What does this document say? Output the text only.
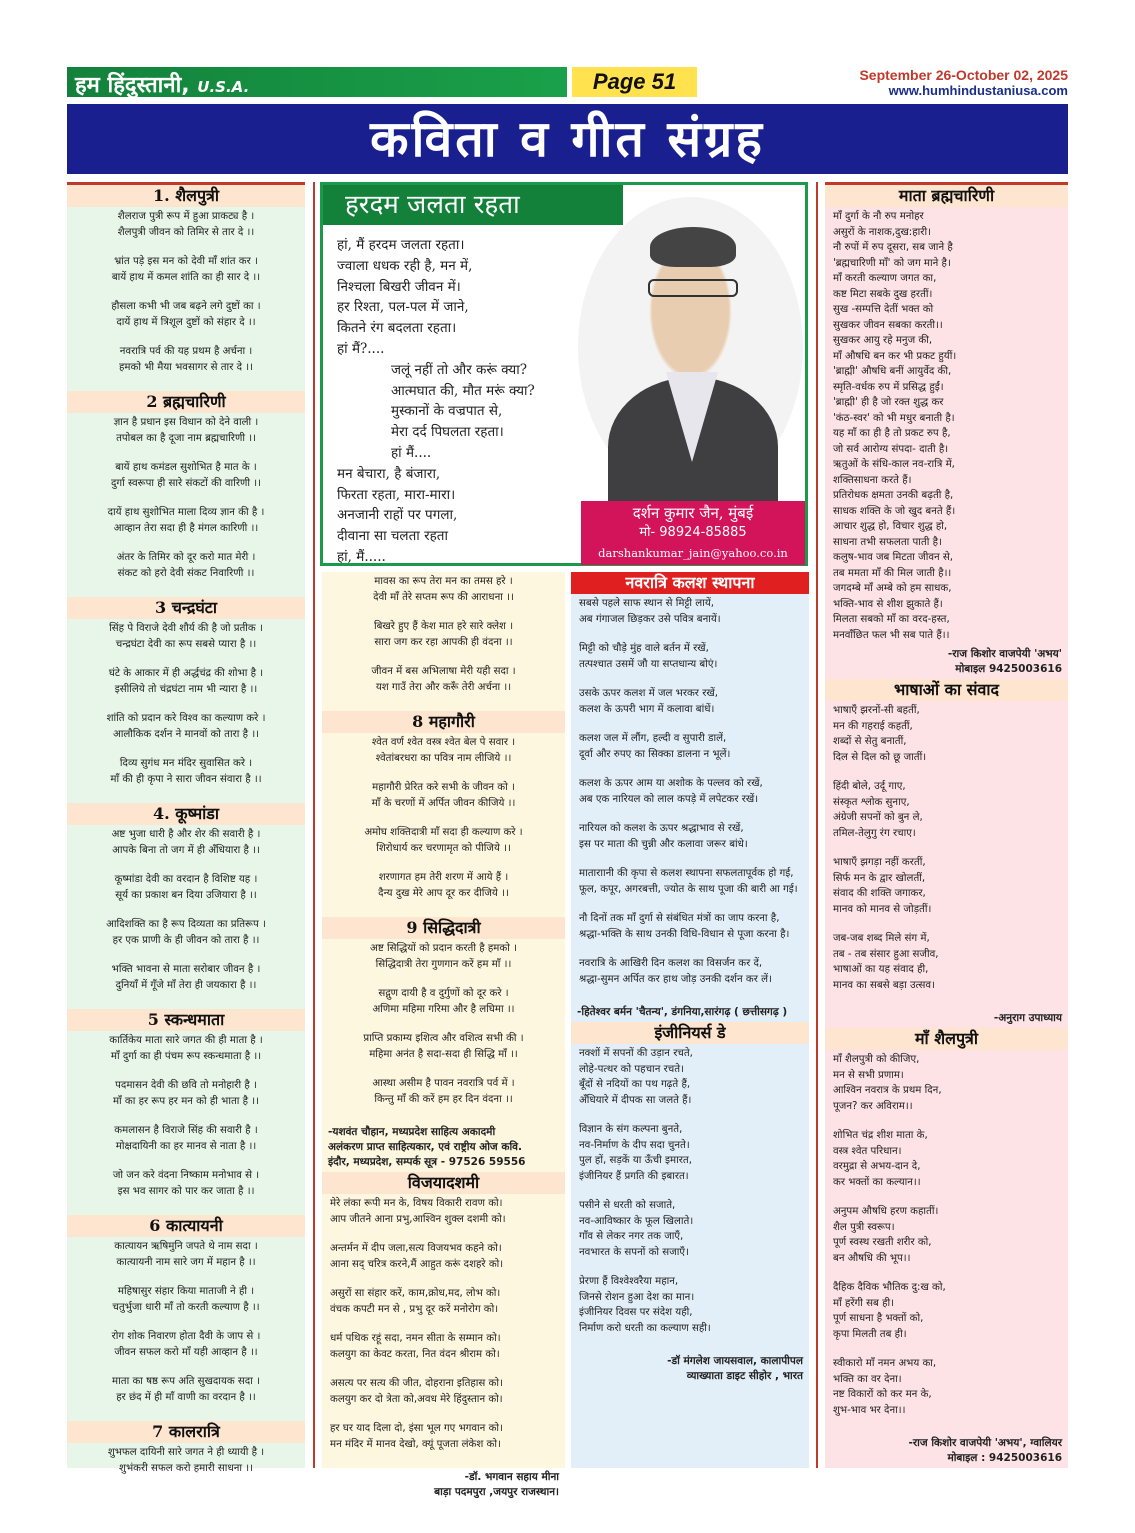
हम हिंदुस्तानी, U.S.A.	Page 51	September 26-October 02, 2025
www.humhindustaniusa.com
कविता व गीत संग्रह
1. शैलपुत्री
शैलराज पुत्री रूप में हुआ प्राकट्य है ।
शैलपुत्री जीवन को तिमिर से तार दे ।।
भ्रांत पड़े इस मन को देवी माँ शांत कर ।
बायें हाथ में कमल शांति का ही सार दे ।।
हौसला कभी भी जब बढ़ने लगे दुष्टों का ।
दायें हाथ में त्रिशूल दुष्टों को संहार दे ।।
नवरात्रि पर्व की यह प्रथम है अर्चना ।
हमको भी मैया भवसागर से तार दे ।।
2 ब्रह्मचारिणी
ज्ञान है प्रधान इस विधान को देने वाली ।
तपोबल का है दूजा नाम ब्रह्मचारिणी ।।
बायें हाथ कमंडल सुशोभित है मात के ।
दुर्गा स्वरूपा ही सारे संकटों की वारिणी ।।
दायें हाथ सुशोभित माला दिव्य ज्ञान की है ।
आव्हान तेरा सदा ही है मंगल कारिणी ।।
अंतर के तिमिर को दूर करो मात मेरी ।
संकट को हरो देवी संकट निवारिणी ।।
3 चन्द्रघंटा
सिंह पे विराजे देवी शौर्य की है जो प्रतीक ।
चन्द्रघंटा देवी का रूप सबसे प्यारा है ।।
घंटे के आकार में ही अर्द्धचंद्र की शोभा है ।
इसीलिये तो चंद्रघंटा नाम भी न्यारा है ।।
शांति को प्रदान करे विश्व का कल्याण करे ।
आलौकिक दर्शन ने मानवों को तारा है ।।
दिव्य सुगंध मन मंदिर सुवासित करे ।
माँ की ही कृपा ने सारा जीवन संवारा है ।।
4. कूष्मांडा
अष्ट भुजा धारी है और शेर की सवारी है ।
आपके बिना तो जग में ही अँधियारा है ।।
कूष्मांडा देवी का वरदान है विशिष्ट यह ।
सूर्य का प्रकाश बन दिया उजियारा है ।।
आदिशक्ति का है रूप दिव्यता का प्रतिरूप ।
हर एक प्राणी के ही जीवन को तारा है ।।
भक्ति भावना से माता सरोबार जीवन है ।
दुनियाँ में गूँजे माँ तेरा ही जयकारा है ।।
5 स्कन्धमाता
कार्तिकेय माता सारे जगत की ही माता है ।
माँ दुर्गा का ही पंचम रूप स्कन्धमाता है ।।
पदमासन देवी की छवि तो मनोहारी है ।
माँ का हर रूप हर मन को ही भाता है ।।
कमलासन है विराजे सिंह की सवारी है ।
मोक्षदायिनी का हर मानव से नाता है ।।
जो जन करे वंदना निष्काम मनोभाव से ।
इस भव सागर को पार कर जाता है ।।
6 कात्यायनी
कात्यायन ऋषिमुनि जपते थे नाम सदा ।
कात्यायनी नाम सारे जग में महान है ।।
महिषासुर संहार किया माताजी ने ही ।
चतुर्भुजा धारी माँ तो करती कल्याण है ।।
रोग शोक निवारण होता दैवी के जाप से ।
जीवन सफल करो माँ यही आव्हान है ।।
माता का षष्ठ रूप अति सुखदायक सदा ।
हर छंद में ही माँ वाणी का वरदान है ।।
7 कालरात्रि
शुभफल दायिनी सारे जगत ने ही ध्यायी है ।
शुभंकरी सफल करो हमारी साधना ।।
हरदम जलता रहता
हां, मैं हरदम जलता रहता।
ज्वाला धधक रही है, मन में,
निश्चला बिखरी जीवन में।
हर रिश्ता, पल-पल में जाने,
कितने रंग बदलता रहता।
हां मैं?....
जलूं नहीं तो और करूं क्या?
आत्मघात की, मौत मरूं क्या?
मुस्कानों के वज्रपात से,
मेरा दर्द पिघलता रहता।
हां मैं....
मन बेचारा, है बंजारा,
फिरता रहता, मारा-मारा।
अनजानी राहों पर पगला,
दीवाना सा चलता रहता
हां, मैं.....
दर्शन कुमार जैन, मुंबई
मो- 98924-85885
darshankumar_jain@yahoo.co.in
मावस का रूप तेरा मन का तमस हरे ।
देवी माँ तेरे सप्तम रूप की आराधना ।।
बिखरे हुए हैं केश मात हरे सारे क्लेश ।
सारा जग कर रहा आपकी ही वंदना ।।
जीवन में बस अभिलाषा मेरी यही सदा ।
यश गाउँ तेरा और करूँ तेरी अर्चना ।।
8 महागौरी
श्वेत वर्ण श्वेत वस्त्र श्वेत बेल पे सवार ।
श्वेतांबरधरा का पवित्र नाम लीजिये ।।
महागौरी प्रेरित करे सभी के जीवन को ।
माँ के चरणों में अर्पित जीवन कीजिये ।।
अमोघ शक्तिदात्री माँ सदा ही कल्याण करे ।
शिरोधार्य कर चरणामृत को पीजिये ।।
शरणागत हम तेरी शरण में आये हैं ।
दैन्य दुख मेरे आप दूर कर दीजिये ।।
9 सिद्धिदात्री
अष्ट सिद्धियों को प्रदान करती है हमको ।
सिद्धिदात्री तेरा गुणगान करें हम माँ ।।
सद्गुण दायी है व दुर्गुणों को दूर करे ।
अणिमा महिमा गरिमा और है लघिमा ।।
प्राप्ति प्रकाम्य इशित्व और वशित्व सभी की ।
महिमा अनंत है सदा-सदा ही सिद्धि माँ ।।
आस्था असीम है पावन नवरात्रि पर्व में ।
किन्तु माँ की करें हम हर दिन वंदना ।।
-यशवंत चौहान, मध्यप्रदेश साहित्य अकादमी
अलंकरण प्राप्त साहित्यकार, एवं राष्ट्रीय ओज कवि.
इंदौर, मध्यप्रदेश, सम्पर्क सूत्र - 97526 59556
विजयादशमी
मेरे लंका रूपी मन के, विषय विकारी रावण को।
आप जीतने आना प्रभु,आश्विन शुक्ल दशमी को।
अन्तर्मन में दीप जला,सत्य विजयभव कहने को।
आना सद् चरित्र करने,मैं आहुत करूं दशहरे को।
असुरों सा संहार करें, काम,क्रोध,मद, लोभ को।
वंचक कपटी मन से , प्रभु दूर करें मनोरोग को।
धर्म पथिक रहूं सदा, नमन सीता के सम्मान को।
कलयुग का केवट करता, नित वंदन श्रीराम को।
असत्य पर सत्य की जीत, दोहराना इतिहास को।
कलयुग कर दो त्रेता को,अवध मेरे हिंदुस्तान को।
हर घर याद दिला दो, इंसा भूल गए भगवान को।
मन मंदिर में मानव देखो, क्यूं पूजता लंकेश को।
-डॉ. भगवान सहाय मीना
बाड़ा पदमपुरा ,जयपुर राजस्थान।
नवरात्रि कलश स्थापना
सबसे पहले साफ स्थान से मिट्टी लायें,
अब गंगाजल छिड़कर उसे पवित्र बनायें।
मिट्टी को चौड़े मुंह वाले बर्तन में रखें,
तत्पश्चात उसमें जौ या सप्तधान्य बोएं।
उसके ऊपर कलश में जल भरकर रखें,
कलश के ऊपरी भाग में कलावा बांधें।
कलश जल में लौंग, हल्दी व सुपारी डालें,
दूर्वा और रुपए का सिक्का डालना न भूलें।
कलश के ऊपर आम या अशोक के पल्लव को रखें,
अब एक नारियल को लाल कपड़े में लपेटकर रखें।
नारियल को कलश के ऊपर श्रद्धाभाव से रखें,
इस पर माता की चुन्नी और कलावा जरूर बांधे।
माताराानी की कृपा से कलश स्थापना सफलतापूर्वक हो गई,
फूल, कपूर, अगरबत्ती, ज्योत के साथ पूजा की बारी आ गई।
नौ दिनों तक माँ दुर्गा से संबंधित मंत्रों का जाप करना है,
श्रद्धा-भक्ति के साथ उनकी विधि-विधान से पूजा करना है।
नवरात्रि के आखिरी दिन कलश का विसर्जन कर दें,
श्रद्धा-सुमन अर्पित कर हाथ जोड़ उनकी दर्शन कर लें।
-हितेश्वर बर्मन 'चैतन्य', डंगनिया,सारंगढ़ ( छत्तीसगढ़ )
इंजीनियर्स डे
नक्शों में सपनों की उड़ान रचते,
लोहे-पत्थर को पहचान रचते।
बूँदों से नदियों का पथ गढ़ते हैं,
अँधियारे में दीपक सा जलते हैं।
विज्ञान के संग कल्पना बुनते,
नव-निर्माण के दीप सदा चुनते।
पुल हों, सड़कें या ऊँची इमारत,
इंजीनियर हैं प्रगति की इबारत।
पसीने से धरती को सजाते,
नव-आविष्कार के फूल खिलाते।
गाँव से लेकर नगर तक जाएँ,
नवभारत के सपनों को सजाएँ।
प्रेरणा हैं विश्वेश्वरैया महान,
जिनसे रोशन हुआ देश का मान।
इंजीनियर दिवस पर संदेश यही,
निर्माण करो धरती का कल्याण सही।
-डॉ मंगलेश जायसवाल, कालापीपल
व्याख्याता डाइट सीहोर , भारत
माता ब्रह्मचारिणी
माँ दुर्गा के नौ रुप मनोहर
असुरों के नाशक,दुख:हारी।
नौ रुपों में रुप दूसरा, सब जाने है
'ब्रह्मचारिणी माँ' को जग माने है।
माँ करती कल्याण जगत का,
कष्ट मिटा सबके दुख हरतीं।
सुख -सम्पत्ति देतीं भक्त को
सुखकर जीवन सबका करती।।
सुखकर आयु रहे मनुज की,
माँ औषधि बन कर भी प्रकट हुयीं।
'ब्राह्मी' औषधि बनीं आयुर्वेद की,
स्मृति-वर्धक रुप में प्रसिद्ध हुईं।
'ब्राह्मी' ही है जो रक्त शुद्ध कर
'कंठ-स्वर' को भी मधुर बनाती है।
यह माँ का ही है तो प्रकट रुप है,
जो सर्व आरोग्य संपदा- दाती है।
ऋतुओं के संधि-काल नव-रात्रि में,
शक्तिसाधना करते हैं।
प्रतिरोधक क्षमता उनकी बढ़ती है,
साधक शक्ति के जो खुद बनते हैं।
आचार शुद्ध हो, विचार शुद्ध हो,
साधना तभी सफलता पाती है।
कलुष-भाव जब मिटता जीवन से,
तब ममता माँ की मिल जाती है।।
जगदम्बे माँ अम्बे को हम साधक,
भक्ति-भाव से शीश झुकाते हैं।
मिलता सबको माँ का वरद-हस्त,
मनवाँछित फल भी सब पाते हैं।।
-राज किशोर वाजपेयी 'अभय'
मोबाइल 9425003616
भाषाओं का संवाद
भाषाएँ झरनों-सी बहतीं,
मन की गहराई कहतीं,
शब्दों से सेतु बनातीं,
दिल से दिल को छू जातीं।
हिंदी बोले, उर्दू गाए,
संस्कृत श्लोक सुनाए,
अंग्रेजी सपनों को बुन ले,
तमिल-तेलुगु रंग रचाए।
भाषाएँ झगड़ा नहीं करतीं,
सिर्फ मन के द्वार खोलतीं,
संवाद की शक्ति जगाकर,
मानव को मानव से जोड़तीं।
जब-जब शब्द मिले संग में,
तब - तब संसार हुआ सजीव,
भाषाओं का यह संवाद ही,
मानव का सबसे बड़ा उत्सव।
-अनुराग उपाध्याय
माँ शैलपुत्री
माँ शैलपुत्री को कीजिए,
मन से सभी प्रणाम।
आश्विन नवरात्र के प्रथम दिन,
पूजन? कर अविराम।।
शोभित चंद्र शीश माता के,
वस्त्र श्वेत परिधान।
वरमुद्रा से अभय-दान दे,
कर भक्तों का कल्यान।।
अनुपम औषधि हरण कहातीं।
शैल पुत्री स्वरूप।
पूर्ण स्वस्थ रखती शरीर को,
बन औषधि की भूप।।
दैहिक दैविक भौतिक दु:ख को,
माँ हरेंगी सब ही।
पूर्ण साधना है भक्तों को,
कृपा मिलती तब ही।
स्वीकारो माँ नमन अभय का,
भक्ति का वर देना।
नष्ट विकारों को कर मन के,
शुभ-भाव भर देना।।
-राज किशोर वाजपेयी 'अभय', ग्वालियर
मोबाइल : 9425003616
